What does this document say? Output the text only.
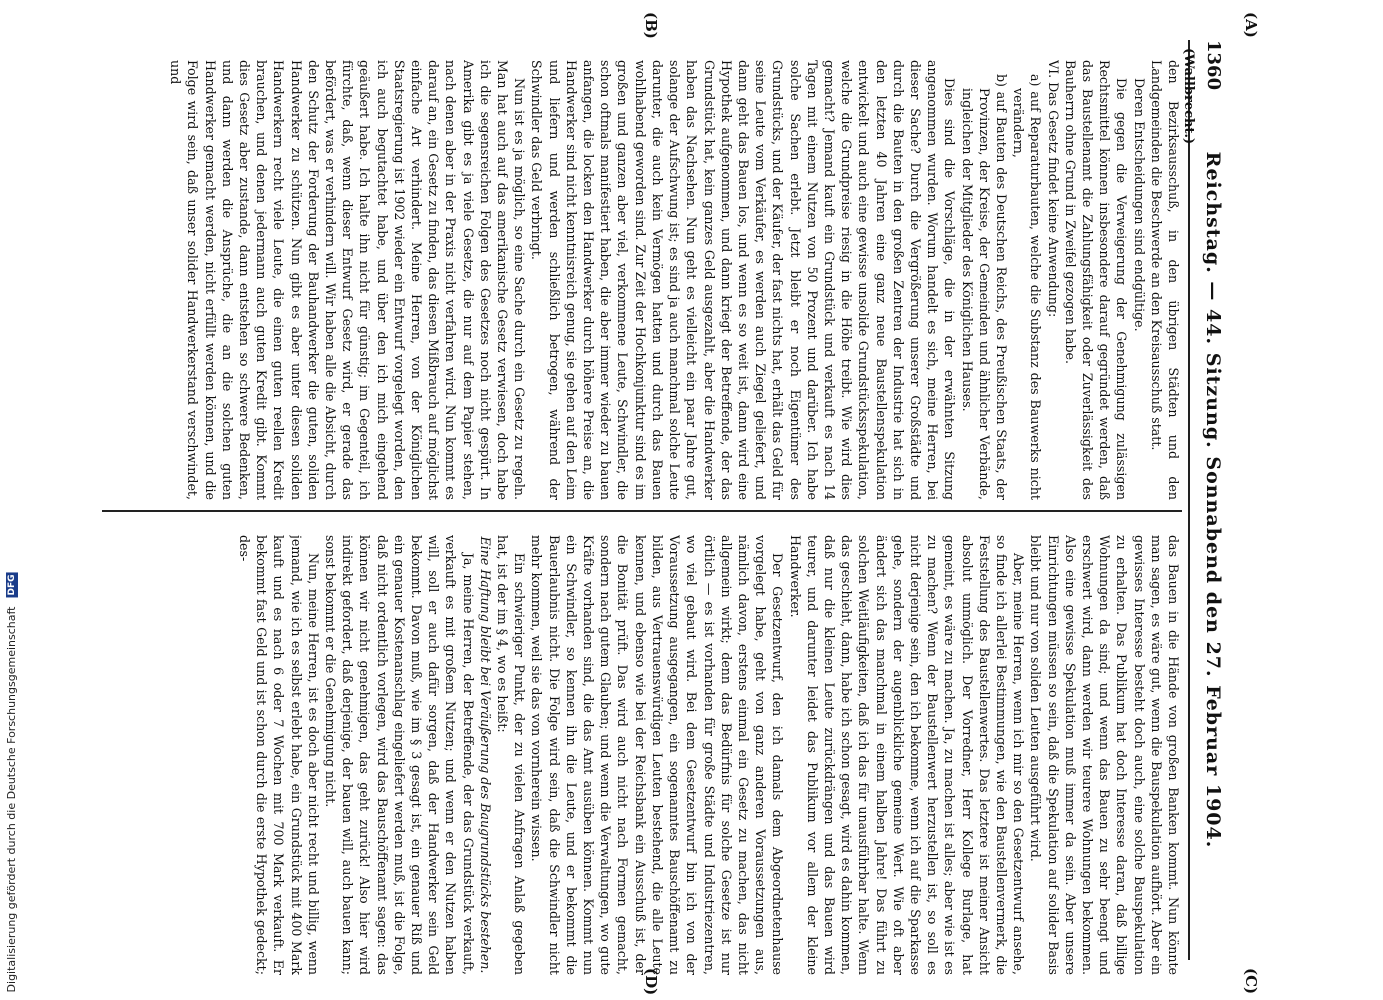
(A)
(B)
(C)
(D)
1360
Reichstag. — 44. Sitzung. Sonnabend den 27. Februar 1904.
(Wallbrecht.)

den Bezirksausschuß, in den übrigen Städten und den Landgemeinden die Beschwerde an den Kreisausschuß statt.

Deren Entscheidungen sind endgültige.

Die gegen die Verweigerung der Genehmigung zulässigen Rechtsmittel können insbesondere darauf gegründet werden, daß das Baustellenamt die Zahlungsfähigkeit oder Zuverlässigkeit des Bauherrn ohne Grund in Zweifel gezogen habe.

VI. Das Gesetz findet keine Anwendung:

a) auf Reparaturbauten, welche die Substanz des Bauwerks nicht verändern,

b) auf Bauten des Deutschen Reichs, des Preußischen Staats, der Provinzen, der Kreise, der Gemeinden und ähnlicher Verbände, ingleichen der Mitglieder des Königlichen Hauses.

Dies sind die Vorschläge, die in der erwähnten Sitzung angenommen wurden. Worum handelt es sich, meine Herren, bei dieser Sache? Durch die Vergrößerung unserer Großstädte und durch die Bauten in den großen Zentren der Industrie hat sich in den letzten 40 Jahren eine ganz neue Baustellenspekulation entwickelt und auch eine gewisse unsolide Grundstücksspekulation, welche die Grundpreise riesig in die Höhe treibt. Wie wird dies gemacht? Jemand kauft ein Grundstück und verkauft es nach 14 Tagen mit einem Nutzen von 50 Prozent und darüber. Ich habe solche Sachen erlebt. Jetzt bleibt er noch Eigentümer des Grundstücks, und der Käufer, der fast nichts hat, erhält das Geld für seine Leute vom Verkäufer, es werden auch Ziegel geliefert, und dann geht das Bauen los, und wenn es so weit ist, dann wird eine Hypothek aufgenommen, und dann kriegt der Betreffende, der das Grundstück hat, kein ganzes Geld ausgezahlt, aber die Handwerker haben das Nachsehen. Nun geht es vielleicht ein paar Jahre gut, solange der Aufschwung ist; es sind ja auch manchmal solche Leute darunter, die auch kein Vermögen hatten und durch das Bauen wohlhabend geworden sind. Zur Zeit der Hochkonjunktur sind es im großen und ganzen aber viel, verkommene Leute, Schwindler, die schon oftmals manifestiert haben, die aber immer wieder zu bauen anfangen, die locken den Handwerker durch höhere Preise an, die Handwerker sind nicht kenntnisreich genug, sie gehen auf den Leim und liefern und werden schließlich betrogen, während der Schwindler das Geld verbringt.

Nun ist es ja möglich, so eine Sache durch ein Gesetz zu regeln. Man hat auch auf das amerikanische Gesetz verwiesen, doch habe ich die segensreichen Folgen des Gesetzes noch nicht gespürt. In Amerika gibt es ja viele Gesetze, die nur auf dem Papier stehen, nach denen aber in der Praxis nicht verfahren wird. Nun kommt es darauf an, ein Gesetz zu finden, das diesen Mißbrauch auf möglichst einfache Art verhindert. Meine Herren, von der Königlichen Staatsregierung ist 1902 wieder ein Entwurf vorgelegt worden, den ich auch begutachtet habe, und über den ich mich eingehend geäußert habe. Ich halte ihn nicht für günstig; im Gegenteil, ich fürchte, daß, wenn dieser Entwurf Gesetz wird, er gerade das befördert, was er verhindern will. Wir haben alle die Absicht, durch den Schutz der Forderung der Bauhandwerker die guten, soliden Handwerker zu schützen. Nun gibt es aber unter diesen soliden Handwerkern recht viele Leute, die einen guten reellen Kredit brauchen, und denen jedermann auch guten Kredit gibt. Kommt dies Gesetz aber zustande, dann entstehen so schwere Bedenken, und dann werden die Ansprüche, die an die solchen guten Handwerker gemacht werden, nicht erfüllt werden können, und die Folge wird sein, daß unser solider Handwerkerstand verschwindet, und

das Bauen in die Hände von großen Banken kommt. Nun könnte man sagen, es wäre gut, wenn die Bauspekulation aufhört. Aber ein gewisses Interesse besteht doch auch, eine solche Bauspekulation zu erhalten. Das Publikum hat doch Interesse daran, daß billige Wohnungen da sind; und wenn das Bauen zu sehr beengt und erschwert wird, dann werden wir teurere Wohnungen bekommen. Also eine gewisse Spekulation muß immer da sein. Aber unsere Einrichtungen müssen so sein, daß die Spekulation auf solider Basis bleibt und nur von soliden Leuten ausgeführt wird.

Aber, meine Herren, wenn ich mir so den Gesetzentwurf ansehe, so finde ich allerlei Bestimmungen, wie den Baustellenvermerk, die Feststellung des Baustellenwertes. Das letztere ist meiner Ansicht absolut unmöglich. Der Vorredner, Herr Kollege Burlage, hat gemeint, es wäre zu machen. Ja, zu machen ist alles; aber wie ist es zu machen? Wenn der Baustellenwert herzustellen ist, so soll es nicht derjenige sein, den ich bekomme, wenn ich auf die Sparkasse gehe, sondern der augenblickliche gemeine Wert. Wie oft aber ändert sich das manchmal in einem halben Jahre! Das führt zu solchen Weitläufigkeiten, daß ich das für unausführbar halte. Wenn das geschieht, dann, habe ich schon gesagt, wird es dahin kommen, daß nur die kleinen Leute zurückdrängen und das Bauen wird teurer, und darunter leidet das Publikum vor allem der kleine Handwerker.

Der Gesetzentwurf, den ich damals dem Abgeordnetenhause vorgelegt habe, geht von ganz anderen Voraussetzungen aus, nämlich davon, erstens einmal ein Gesetz zu machen, das nicht allgemein wirkt; denn das Bedürfnis für solche Gesetze ist nur örtlich — es ist vorhanden für große Städte und Industriezentren, wo viel gebaut wird. Bei dem Gesetzentwurf bin ich von der Voraussetzung ausgegangen, ein sogenanntes Bauschöffenamt zu bilden, aus Vertrauenswürdigen Leuten bestehend, die alle Leute kennen, und ebenso wie bei der Reichsbank ein Ausschuß ist, der die Bonität prüft. Das wird auch nicht nach Formen gemacht, sondern nach gutem Glauben; und wenn die Verwaltungen, wo gute Kräfte vorhanden sind, die das Amt ausüben können. Kommt nun ein Schwindler, so kennen ihn die Leute, und er bekommt die Bauerlaubnis nicht. Die Folge wird sein, daß die Schwindler nicht mehr kommen, weil sie das von vornherein wissen.

Ein schwieriger Punkt, der zu vielen Anfragen Anlaß gegeben hat, ist der im § 4, wo es heißt:

Eine Haftung bleibt bei Veräußerung des Baugrundstücks bestehen.

Ja, meine Herren, der Betreffende, der das Grundstück verkauft, verkauft es mit großem Nutzen; und wenn er den Nutzen haben will, soll er auch dafür sorgen, daß der Handwerker sein Geld bekommt. Davon muß, wie im § 3 gesagt ist, ein genauer Riß und ein genauer Kostenanschlag eingeliefert werden muß, ist die Folge, daß nicht ordentlich vorlegen, wird das Bauschöffenamt sagen: das können wir nicht genehmigen, das geht zurück! Also hier wird indirekt gefordert, daß derjenige, der bauen will, auch bauen kann; sonst bekommt er die Genehmigung nicht.

Nun, meine Herren, ist es doch aber nicht recht und billig, wenn jemand, wie ich es selbst erlebt habe, ein Grundstück mit 400 Mark kauft und es nach 6 oder 7 Wochen mit 700 Mark verkauft. Er bekommt fast Geld und ist schon durch die erste Hypothek gedeckt; des-

Digitalisierung gefördert durch die Deutsche Forschungsgemeinschaft DFG
